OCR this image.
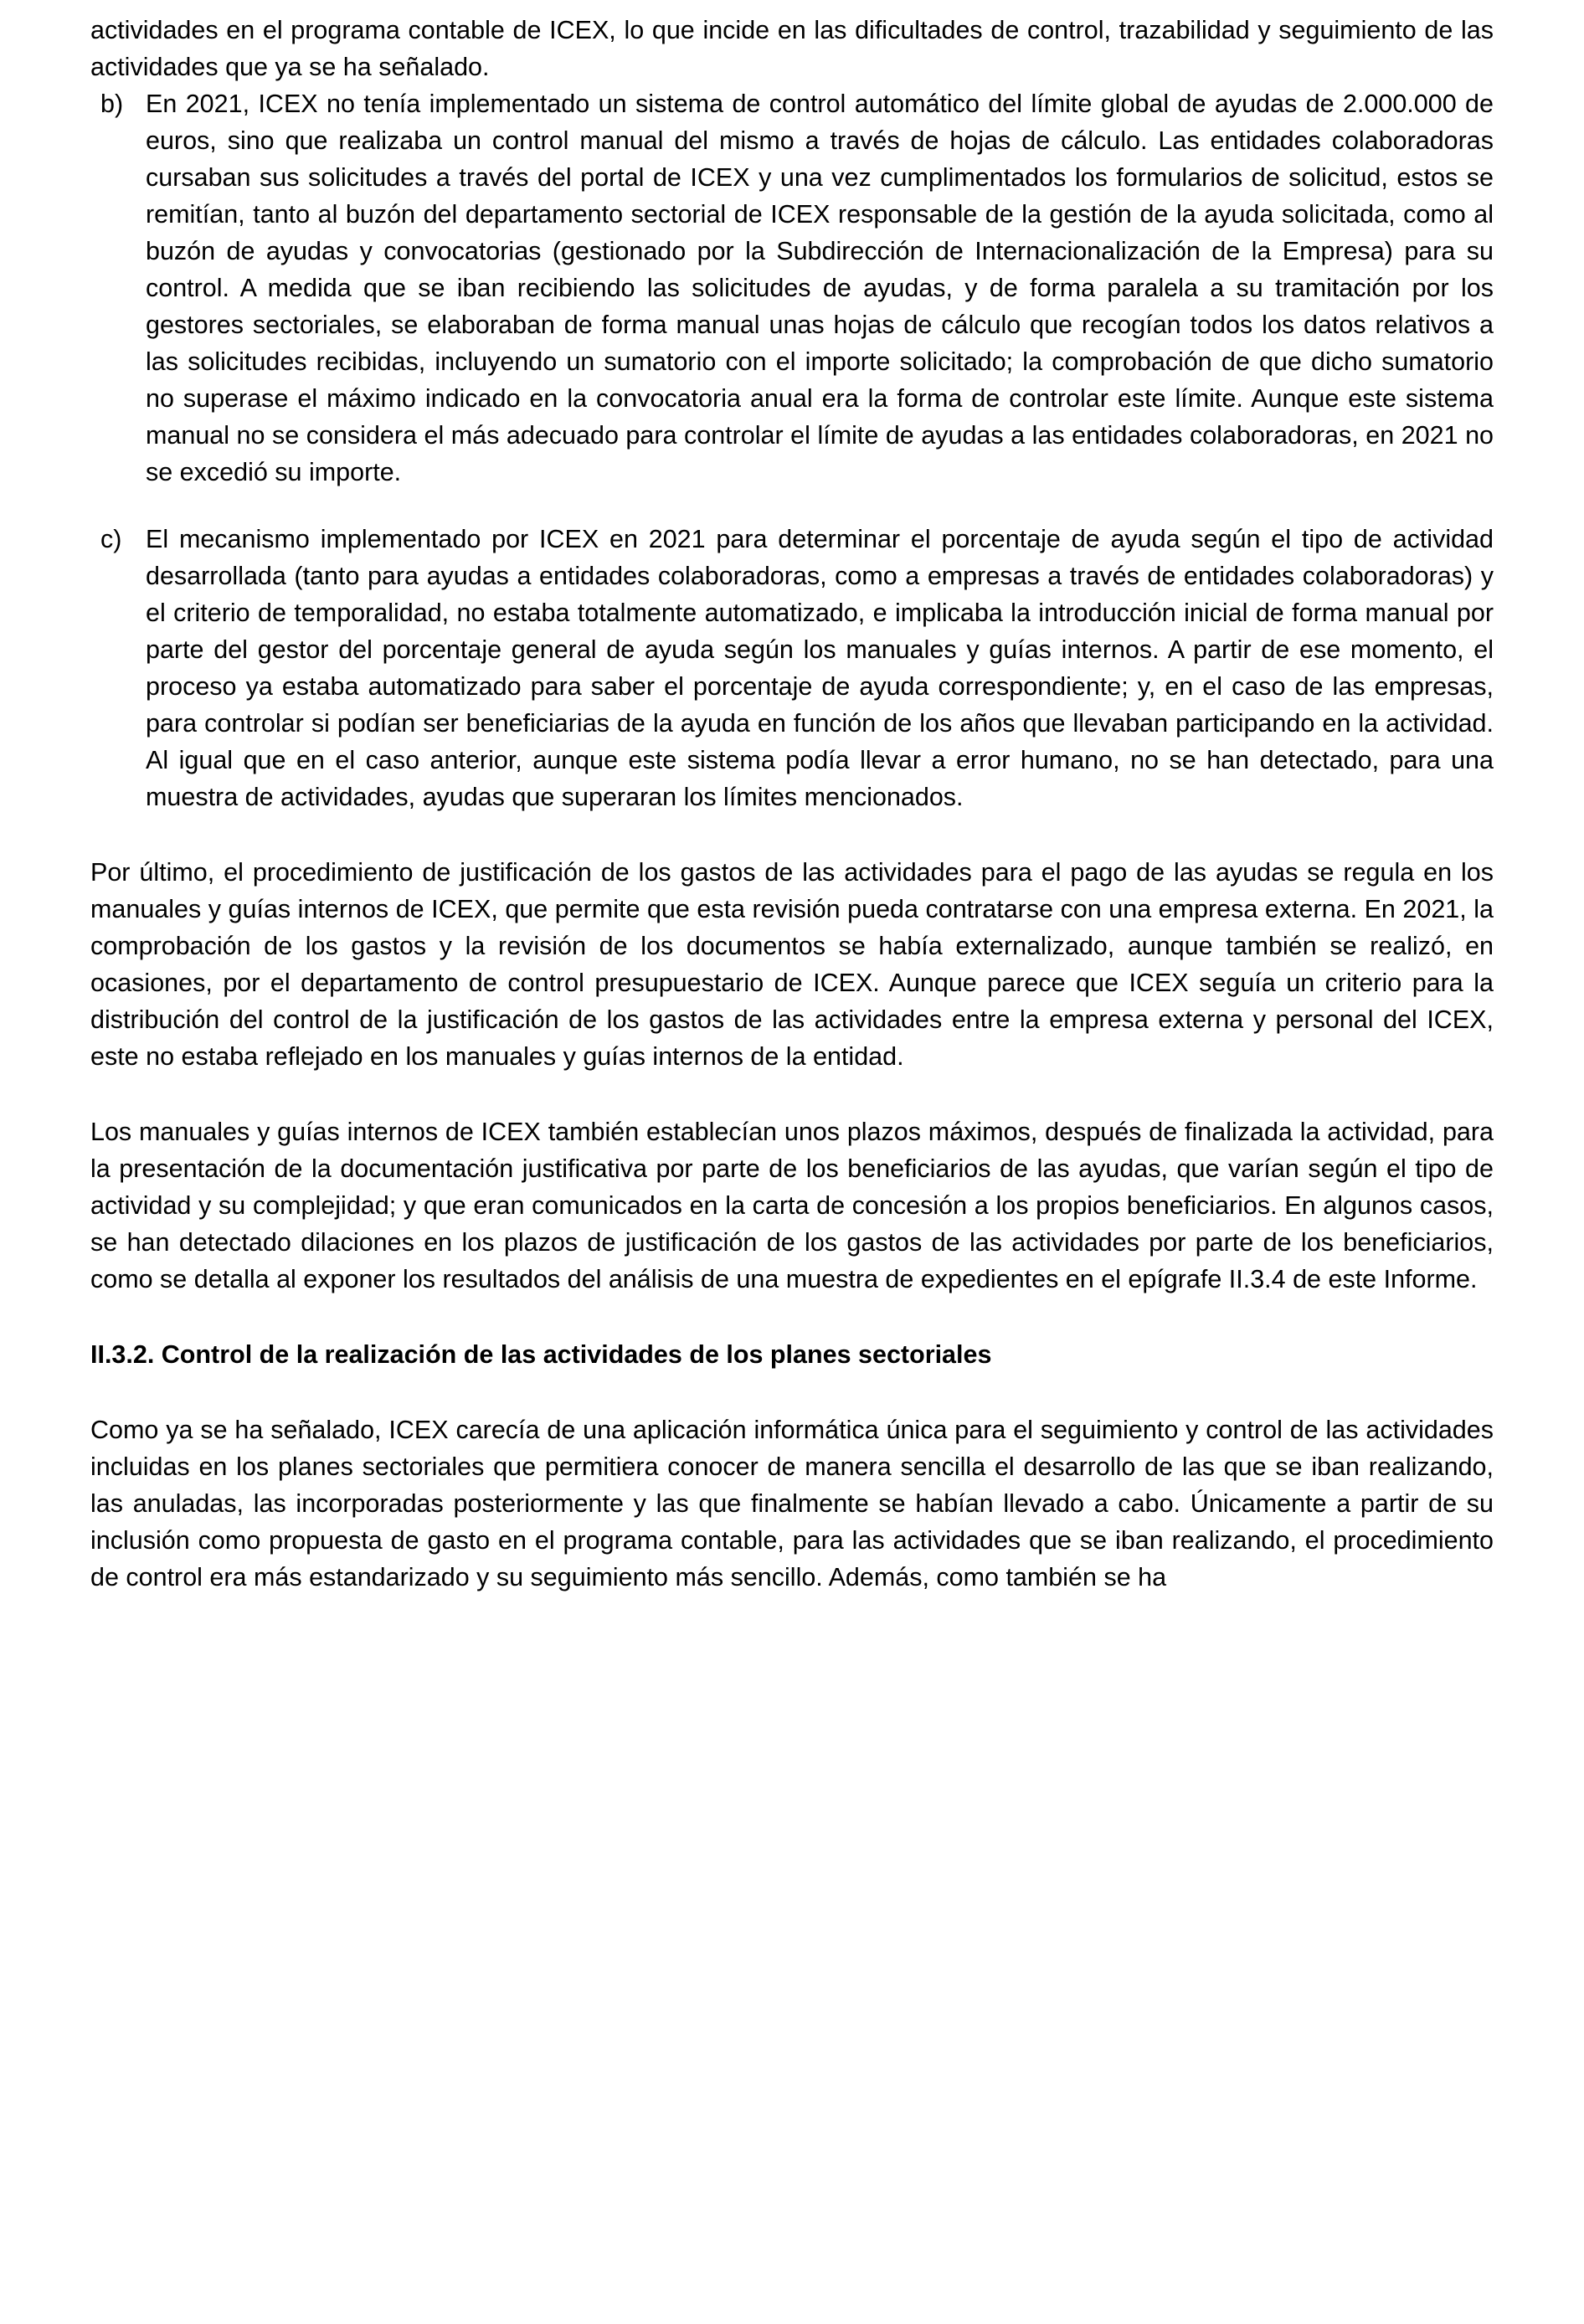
actividades en el programa contable de ICEX, lo que incide en las dificultades de control, trazabilidad y seguimiento de las actividades que ya se ha señalado.

b) En 2021, ICEX no tenía implementado un sistema de control automático del límite global de ayudas de 2.000.000 de euros, sino que realizaba un control manual del mismo a través de hojas de cálculo. Las entidades colaboradoras cursaban sus solicitudes a través del portal de ICEX y una vez cumplimentados los formularios de solicitud, estos se remitían, tanto al buzón del departamento sectorial de ICEX responsable de la gestión de la ayuda solicitada, como al buzón de ayudas y convocatorias (gestionado por la Subdirección de Internacionalización de la Empresa) para su control. A medida que se iban recibiendo las solicitudes de ayudas, y de forma paralela a su tramitación por los gestores sectoriales, se elaboraban de forma manual unas hojas de cálculo que recogían todos los datos relativos a las solicitudes recibidas, incluyendo un sumatorio con el importe solicitado; la comprobación de que dicho sumatorio no superase el máximo indicado en la convocatoria anual era la forma de controlar este límite. Aunque este sistema manual no se considera el más adecuado para controlar el límite de ayudas a las entidades colaboradoras, en 2021 no se excedió su importe.
c) El mecanismo implementado por ICEX en 2021 para determinar el porcentaje de ayuda según el tipo de actividad desarrollada (tanto para ayudas a entidades colaboradoras, como a empresas a través de entidades colaboradoras) y el criterio de temporalidad, no estaba totalmente automatizado, e implicaba la introducción inicial de forma manual por parte del gestor del porcentaje general de ayuda según los manuales y guías internos. A partir de ese momento, el proceso ya estaba automatizado para saber el porcentaje de ayuda correspondiente; y, en el caso de las empresas, para controlar si podían ser beneficiarias de la ayuda en función de los años que llevaban participando en la actividad. Al igual que en el caso anterior, aunque este sistema podía llevar a error humano, no se han detectado, para una muestra de actividades, ayudas que superaran los límites mencionados.

Por último, el procedimiento de justificación de los gastos de las actividades para el pago de las ayudas se regula en los manuales y guías internos de ICEX, que permite que esta revisión pueda contratarse con una empresa externa. En 2021, la comprobación de los gastos y la revisión de los documentos se había externalizado, aunque también se realizó, en ocasiones, por el departamento de control presupuestario de ICEX. Aunque parece que ICEX seguía un criterio para la distribución del control de la justificación de los gastos de las actividades entre la empresa externa y personal del ICEX, este no estaba reflejado en los manuales y guías internos de la entidad.

Los manuales y guías internos de ICEX también establecían unos plazos máximos, después de finalizada la actividad, para la presentación de la documentación justificativa por parte de los beneficiarios de las ayudas, que varían según el tipo de actividad y su complejidad; y que eran comunicados en la carta de concesión a los propios beneficiarios. En algunos casos, se han detectado dilaciones en los plazos de justificación de los gastos de las actividades por parte de los beneficiarios, como se detalla al exponer los resultados del análisis de una muestra de expedientes en el epígrafe II.3.4 de este Informe.

II.3.2. Control de la realización de las actividades de los planes sectoriales

Como ya se ha señalado, ICEX carecía de una aplicación informática única para el seguimiento y control de las actividades incluidas en los planes sectoriales que permitiera conocer de manera sencilla el desarrollo de las que se iban realizando, las anuladas, las incorporadas posteriormente y las que finalmente se habían llevado a cabo. Únicamente a partir de su inclusión como propuesta de gasto en el programa contable, para las actividades que se iban realizando, el procedimiento de control era más estandarizado y su seguimiento más sencillo. Además, como también se ha
